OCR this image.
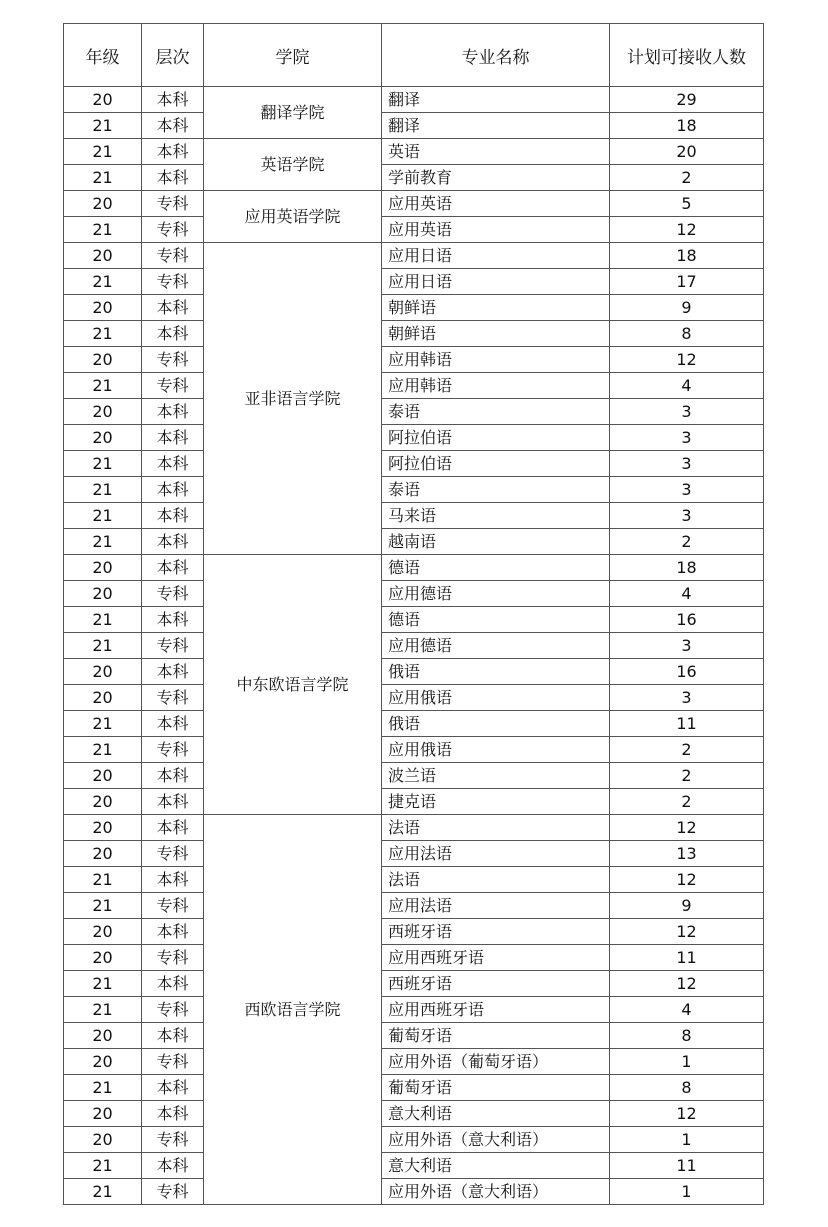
年级	层次	学院	专业名称	计划可接收人数
20	本科	翻译学院	翻译	29
21	本科		翻译	18
21	本科	英语学院	英语	20
21	本科		学前教育	2
20	专科	应用英语学院	应用英语	5
21	专科		应用英语	12
20	专科	亚非语言学院	应用日语	18
21	专科		应用日语	17
20	本科		朝鲜语	9
21	本科		朝鲜语	8
20	专科		应用韩语	12
21	专科		应用韩语	4
20	本科		泰语	3
20	本科		阿拉伯语	3
21	本科		阿拉伯语	3
21	本科		泰语	3
21	本科		马来语	3
21	本科		越南语	2
20	本科	中东欧语言学院	德语	18
20	专科		应用德语	4
21	本科		德语	16
21	专科		应用德语	3
20	本科		俄语	16
20	专科		应用俄语	3
21	本科		俄语	11
21	专科		应用俄语	2
20	本科		波兰语	2
20	本科		捷克语	2
20	本科	西欧语言学院	法语	12
20	专科		应用法语	13
21	本科		法语	12
21	专科		应用法语	9
20	本科		西班牙语	12
20	专科		应用西班牙语	11
21	本科		西班牙语	12
21	专科		应用西班牙语	4
20	本科		葡萄牙语	8
20	专科		应用外语（葡萄牙语）	1
21	本科		葡萄牙语	8
20	本科		意大利语	12
20	专科		应用外语（意大利语）	1
21	本科		意大利语	11
21	专科		应用外语（意大利语）	1
